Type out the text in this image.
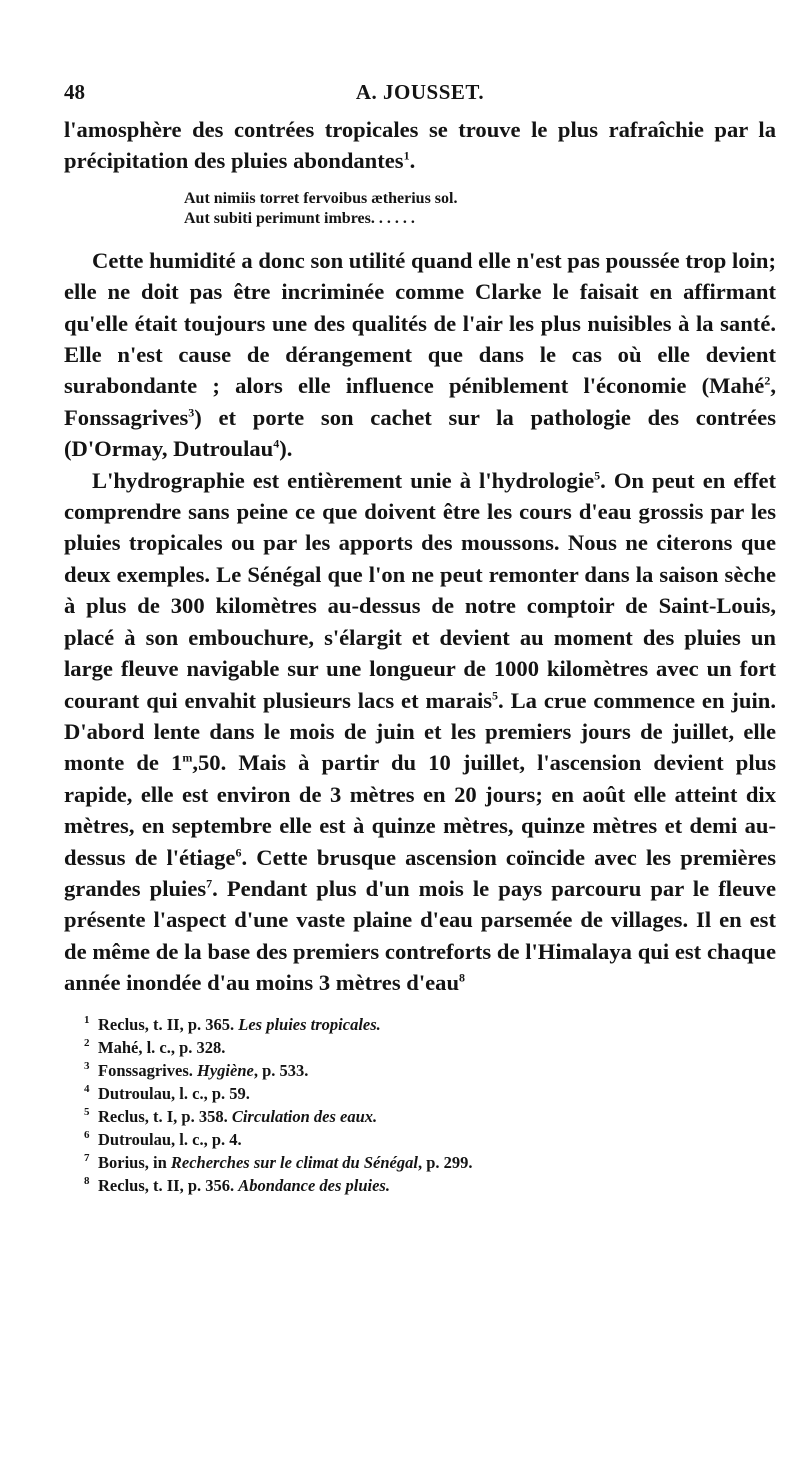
48	A. JOUSSET.

l'amosphère des contrées tropicales se trouve le plus rafraîchie par la précipitation des pluies abondantes$^1$.

Aut nimiis torret fervoibus ætherius sol.
Aut subiti perimunt imbres. . . . . .

Cette humidité a donc son utilité quand elle n'est pas poussée trop loin; elle ne doit pas être incriminée comme Clarke le faisait en affirmant qu'elle était toujours une des qualités de l'air les plus nuisibles à la santé. Elle n'est cause de dérangement que dans le cas où elle devient surabondante ; alors elle influence péniblement l'économie (Mahé$^2$, Fonssagrives$^3$) et porte son cachet sur la pathologie des contrées (D'Ormay, Dutroulau$^4$).

L'hydrographie est entièrement unie à l'hydrologie$^5$. On peut en effet comprendre sans peine ce que doivent être les cours d'eau grossis par les pluies tropicales ou par les apports des moussons. Nous ne citerons que deux exemples. Le Sénégal que l'on ne peut remonter dans la saison sèche à plus de 300 kilomètres au-dessus de notre comptoir de Saint-Louis, placé à son embouchure, s'élargit et devient au moment des pluies un large fleuve navigable sur une longueur de 1000 kilomètres avec un fort courant qui envahit plusieurs lacs et marais$^5$. La crue commence en juin. D'abord lente dans le mois de juin et les premiers jours de juillet, elle monte de 1$^m$,50. Mais à partir du 10 juillet, l'ascension devient plus rapide, elle est environ de 3 mètres en 20 jours; en août elle atteint dix mètres, en septembre elle est à quinze mètres, quinze mètres et demi au-dessus de l'étiage$^6$. Cette brusque ascension coïncide avec les premières grandes pluies$^7$. Pendant plus d'un mois le pays parcouru par le fleuve présente l'aspect d'une vaste plaine d'eau parsemée de villages. Il en est de même de la base des premiers contreforts de l'Himalaya qui est chaque année inondée d'au moins 3 mètres d'eau$^8$

1 Reclus, t. II, p. 365. Les pluies tropicales.
2 Mahé, l. c., p. 328.
3 Fonssagrives. Hygiène, p. 533.
4 Dutroulau, l. c., p. 59.
5 Reclus, t. I, p. 358. Circulation des eaux.
6 Dutroulau, l. c., p. 4.
7 Borius, in Recherches sur le climat du Sénégal, p. 299.
8 Reclus, t. II, p. 356. Abondance des pluies.
